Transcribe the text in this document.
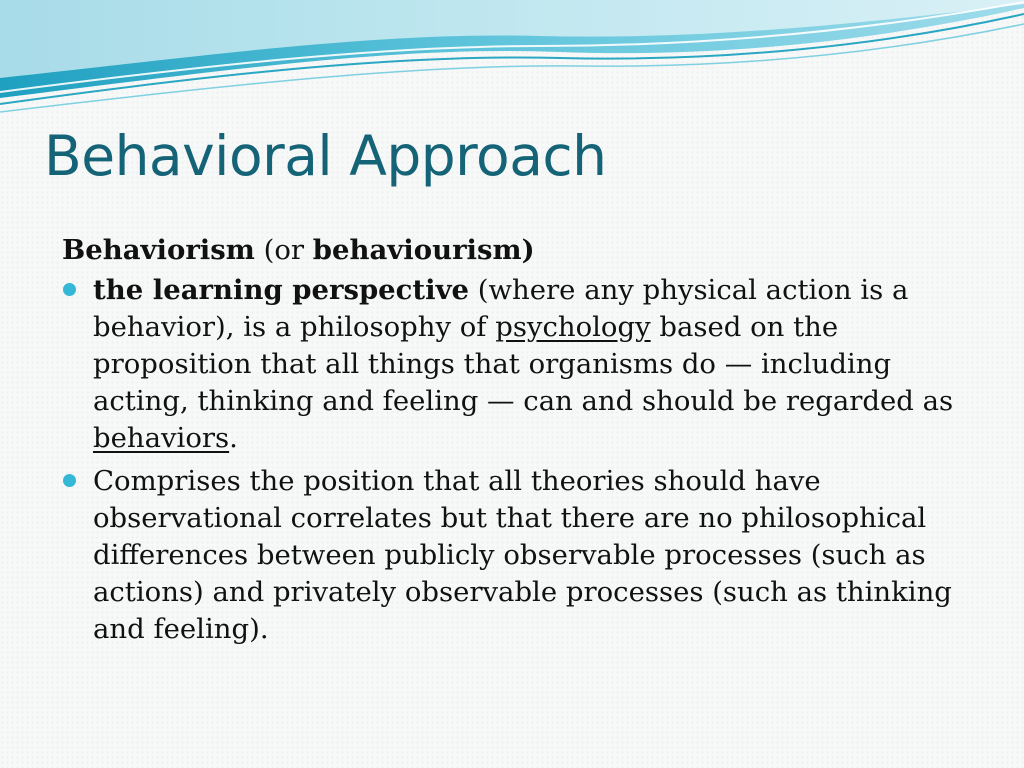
Behavioral Approach

Behaviorism (or behaviourism)

the learning perspective (where any physical action is a behavior), is a philosophy of psychology based on the proposition that all things that organisms do — including acting, thinking and feeling — can and should be regarded as behaviors.
Comprises the position that all theories should have observational correlates but that there are no philosophical differences between publicly observable processes (such as actions) and privately observable processes (such as thinking and feeling).
